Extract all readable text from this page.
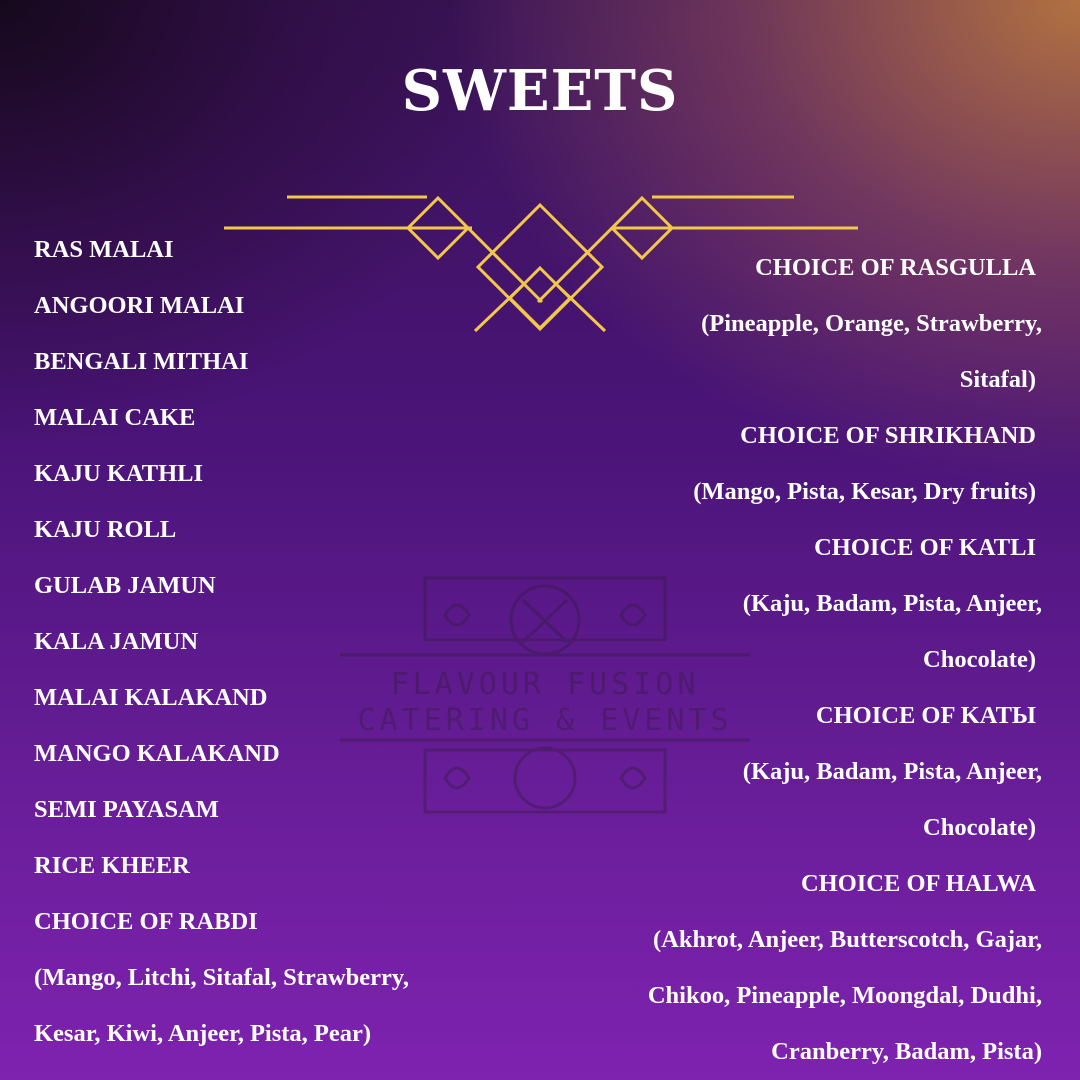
SWEETS
FLAVOUR FUSION
CATERING & EVENTS
RAS MALAI
ANGOORI MALAI
BENGALI MITHAI
MALAI CAKE
KAJU KATHLI
KAJU ROLL
GULAB JAMUN
KALA JAMUN
MALAI KALAKAND
MANGO KALAKAND
SEMI PAYASAM
RICE KHEER
CHOICE OF RABDI
(Mango, Litchi, Sitafal, Strawberry,
Kesar, Kiwi, Anjeer, Pista, Pear)
CHOICE OF RASGULLA
(Pineapple, Orange, Strawberry,
Sitafal)
CHOICE OF SHRIKHAND
(Mango, Pista, Kesar, Dry fruits)
CHOICE OF KATLI
(Kaju, Badam, Pista, Anjeer,
Chocolate)
CHOICE OF KATЫ
(Kaju, Badam, Pista, Anjeer,
Chocolate)
CHOICE OF HALWA
(Akhrot, Anjeer, Butterscotch, Gajar,
Chikoo, Pineapple, Moongdal, Dudhi,
Cranberry, Badam, Pista)
